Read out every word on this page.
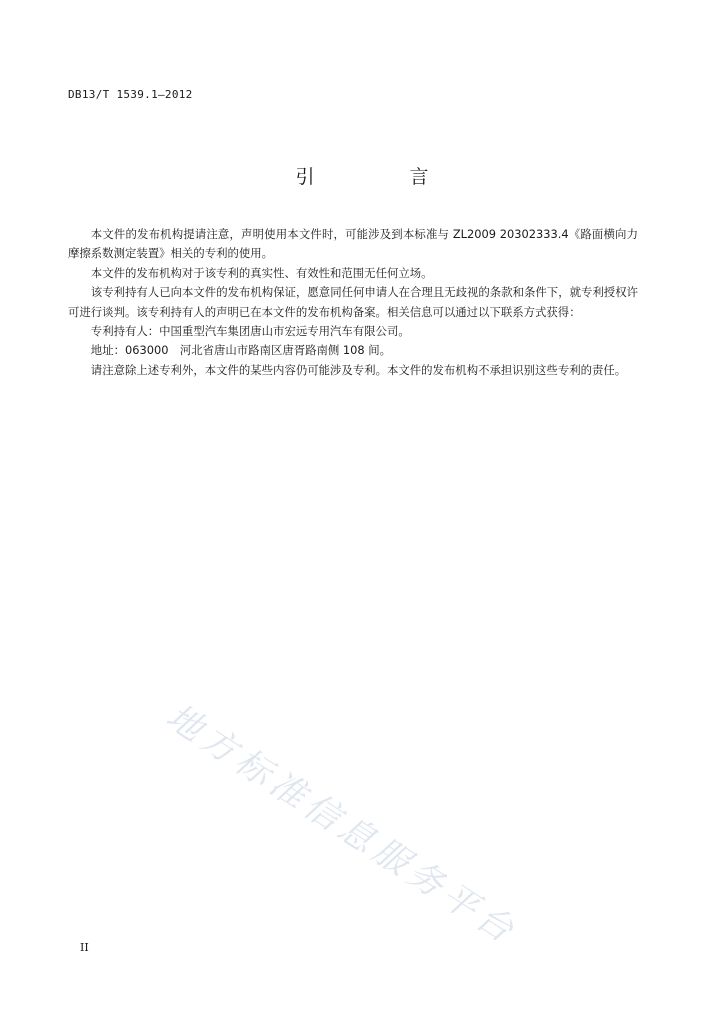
DB13/T 1539.1—2012
引　言

本文件的发布机构提请注意，声明使用本文件时，可能涉及到本标准与 ZL2009 20302333.4《路面横向力摩擦系数测定装置》相关的专利的使用。

本文件的发布机构对于该专利的真实性、有效性和范围无任何立场。

该专利持有人已向本文件的发布机构保证，愿意同任何申请人在合理且无歧视的条款和条件下，就专利授权许可进行谈判。该专利持有人的声明已在本文件的发布机构备案。相关信息可以通过以下联系方式获得：

专利持有人：中国重型汽车集团唐山市宏远专用汽车有限公司。

地址：063000　河北省唐山市路南区唐胥路南侧 108 间。

请注意除上述专利外，本文件的某些内容仍可能涉及专利。本文件的发布机构不承担识别这些专利的责任。

地方标准信息服务平台
II
